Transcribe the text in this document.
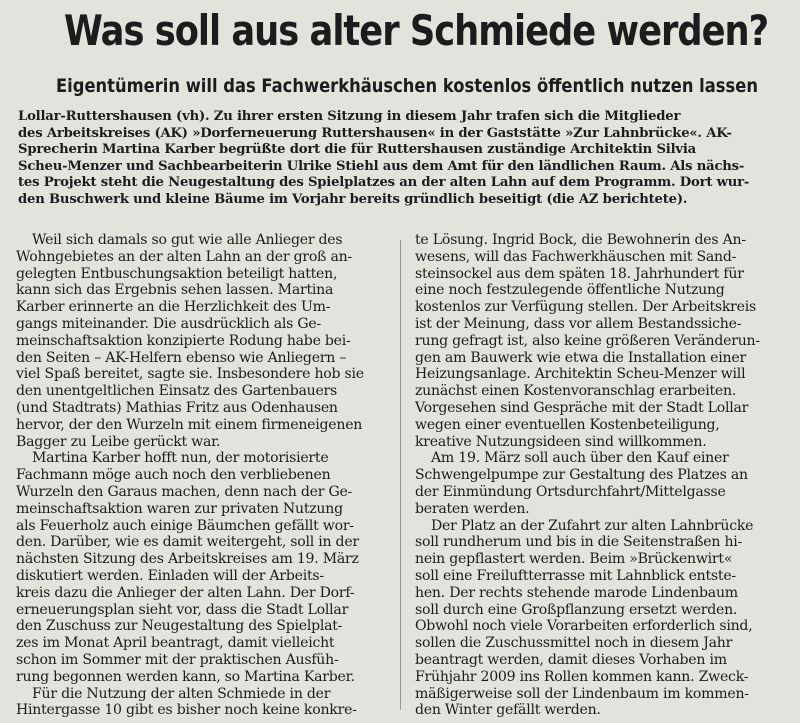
Was soll aus alter Schmiede werden?
Eigentümerin will das Fachwerkhäuschen kostenlos öffentlich nutzen lassen

Lollar-Ruttershausen (vh). Zu ihrer ersten Sitzung in diesem Jahr trafen sich die Mitglieder

des Arbeitskreises (AK) »Dorferneuerung Ruttershausen« in der Gaststätte »Zur Lahnbrücke«. AK-

Sprecherin Martina Karber begrüßte dort die für Ruttershausen zuständige Architektin Silvia

Scheu-Menzer und Sachbearbeiterin Ulrike Stiehl aus dem Amt für den ländlichen Raum. Als nächs-

tes Projekt steht die Neugestaltung des Spielplatzes an der alten Lahn auf dem Programm. Dort wur-

den Buschwerk und kleine Bäume im Vorjahr bereits gründlich beseitigt (die AZ berichtete).

Weil sich damals so gut wie alle Anlieger des

Wohngebietes an der alten Lahn an der groß an-

gelegten Entbuschungsaktion beteiligt hatten,

kann sich das Ergebnis sehen lassen. Martina

Karber erinnerte an die Herzlichkeit des Um-

gangs miteinander. Die ausdrücklich als Ge-

meinschaftsaktion konzipierte Rodung habe bei-

den Seiten – AK-Helfern ebenso wie Anliegern –

viel Spaß bereitet, sagte sie. Insbesondere hob sie

den unentgeltlichen Einsatz des Gartenbauers

(und Stadtrats) Mathias Fritz aus Odenhausen

hervor, der den Wurzeln mit einem firmeneigenen

Bagger zu Leibe gerückt war.

Martina Karber hofft nun, der motorisierte

Fachmann möge auch noch den verbliebenen

Wurzeln den Garaus machen, denn nach der Ge-

meinschaftsaktion waren zur privaten Nutzung

als Feuerholz auch einige Bäumchen gefällt wor-

den. Darüber, wie es damit weitergeht, soll in der

nächsten Sitzung des Arbeitskreises am 19. März

diskutiert werden. Einladen will der Arbeits-

kreis dazu die Anlieger der alten Lahn. Der Dorf-

erneuerungsplan sieht vor, dass die Stadt Lollar

den Zuschuss zur Neugestaltung des Spielplat-

zes im Monat April beantragt, damit vielleicht

schon im Sommer mit der praktischen Ausfüh-

rung begonnen werden kann, so Martina Karber.

Für die Nutzung der alten Schmiede in der

Hintergasse 10 gibt es bisher noch keine konkre-

te Lösung. Ingrid Bock, die Bewohnerin des An-

wesens, will das Fachwerkhäuschen mit Sand-

steinsockel aus dem späten 18. Jahrhundert für

eine noch festzulegende öffentliche Nutzung

kostenlos zur Verfügung stellen. Der Arbeitskreis

ist der Meinung, dass vor allem Bestandssiche-

rung gefragt ist, also keine größeren Veränderun-

gen am Bauwerk wie etwa die Installation einer

Heizungsanlage. Architektin Scheu-Menzer will

zunächst einen Kostenvoranschlag erarbeiten.

Vorgesehen sind Gespräche mit der Stadt Lollar

wegen einer eventuellen Kostenbeteiligung,

kreative Nutzungsideen sind willkommen.

Am 19. März soll auch über den Kauf einer

Schwengelpumpe zur Gestaltung des Platzes an

der Einmündung Ortsdurchfahrt/Mittelgasse

beraten werden.

Der Platz an der Zufahrt zur alten Lahnbrücke

soll rundherum und bis in die Seitenstraßen hi-

nein gepflastert werden. Beim »Brückenwirt«

soll eine Freiluftterrasse mit Lahnblick entste-

hen. Der rechts stehende marode Lindenbaum

soll durch eine Großpflanzung ersetzt werden.

Obwohl noch viele Vorarbeiten erforderlich sind,

sollen die Zuschussmittel noch in diesem Jahr

beantragt werden, damit dieses Vorhaben im

Frühjahr 2009 ins Rollen kommen kann. Zweck-

mäßigerweise soll der Lindenbaum im kommen-

den Winter gefällt werden.
